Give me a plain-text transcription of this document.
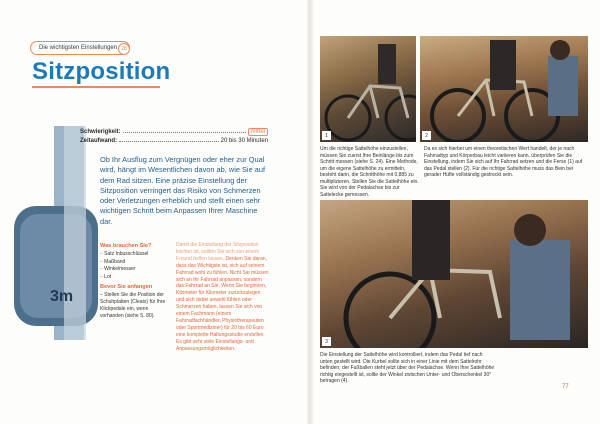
Die wichtigsten Einstellungen 28
Sitzposition
3m
Schwierigkeit:	mittel
Zeitaufwand:	20 bis 30 Minuten

Ob Ihr Ausflug zum Vergnügen oder eher zur Qual wird, hängt im Wesentlichen davon ab, wie Sie auf dem Rad sitzen. Eine präzise Einstellung der Sitzposition verringert das Risiko von Schmerzen oder Verletzungen erheblich und stellt einen sehr wichtigen Schritt beim Anpassen Ihrer Maschine dar.

Was brauchen Sie?
– Satz Inbusschlüssel
– Maßband
– Winkelmesser
– Lot
Bevor Sie anfangen

– Stellen Sie die Position der Schuhplatten (Cleats) für Ihre Klickpedale ein, wenn vorhanden (siehe S. 80).

Damit die Einstellung der Sitzposition leichter ist, sollten Sie sich von einem Freund helfen lassen. Denken Sie daran, dass das Wichtigste ist, sich auf seinem Fahrrad wohl zu fühlen. Nicht Sie müssen sich an Ihr Fahrrad anpassen, sondern das Fahrrad an Sie. Wenn Sie beginnen, Kilometer für Kilometer zurückzulegen und sich dabei unwohl fühlen oder Schmerzen haben, lassen Sie sich von einem Fachmann (einem Fahrradfachhändler, Physiotherapeuten oder Sportmediziner) für 20 bis 60 Euro eine komplette Haltungsstudie erstellen. Es gibt sehr viele Einstellungs- und Anpassungsmöglichkeiten.
1	2

Um die richtige Sattelhöhe einzustellen, müssen Sie zuerst Ihre Beinlänge bis zum Schritt messen (siehe S. 24). Eine Methode, um die eigene Sattelhöhe zu ermitteln, besteht darin, die Schritthöhe mit 0,885 zu multiplizieren. Stellen Sie die Sattelhöhe ein. Sie wird von der Pedalachse bis zur Sattelecke gemessen.

Da es sich hierbei um einen theoretischen Wert handelt, der je nach Fahrradtyp und Körperbau leicht variieren kann, überprüfen Sie die Einstellung, indem Sie sich auf Ihr Fahrrad setzen und die Ferse (1) auf das Pedal stellen (2). Für die richtige Sattelhöhe muss das Bein bei gerader Hüfte vollständig gestreckt sein.

3

Die Einstellung der Sattelhöhe wird kontrolliert, indem das Pedal tief nach unten gestellt wird. Die Kurbel sollte sich in einer Linie mit dem Sattelrohr befinden; der Fußballen steht jetzt über der Pedalachse. Wenn Ihre Sattelhöhe richtig eingestellt ist, sollte der Winkel zwischen Unter- und Oberschenkel 30° betragen (4).

77
